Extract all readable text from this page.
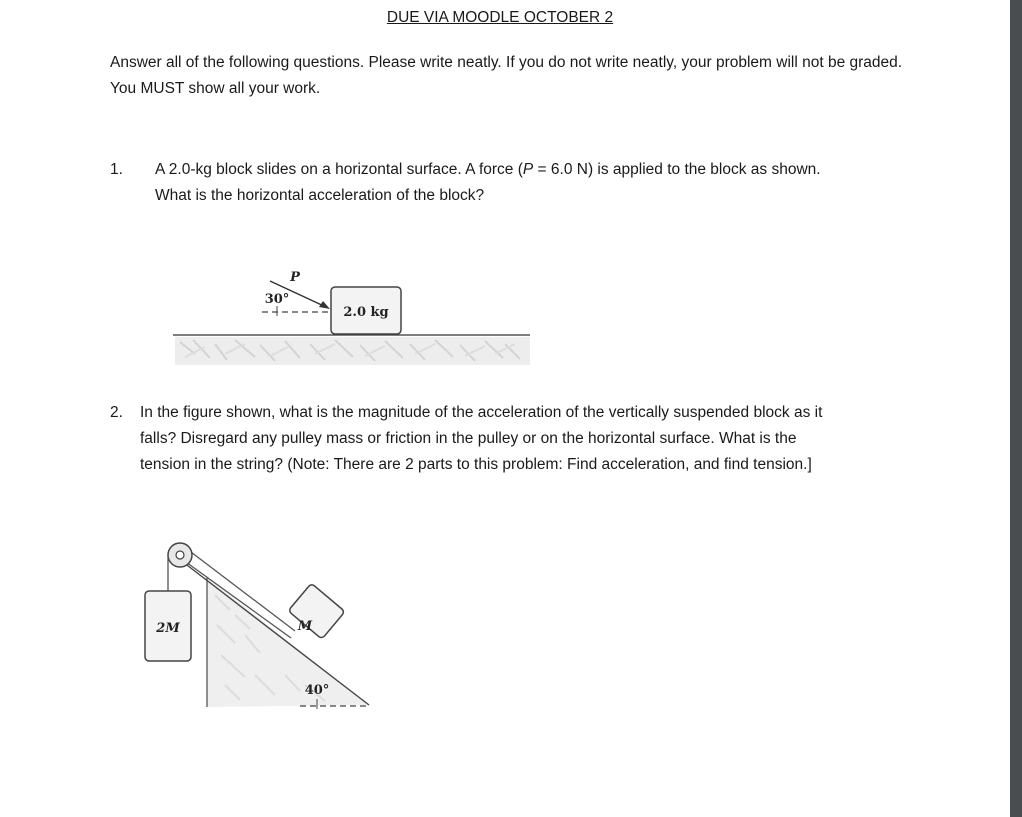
DUE VIA MOODLE OCTOBER 2
Answer all of the following questions. Please write neatly. If you do not write neatly, your problem will not be graded. You MUST show all your work.
1. A 2.0-kg block slides on a horizontal surface. A force (P = 6.0 N) is applied to the block as shown.
What is the horizontal acceleration of the block?
2.0 kg
P
30°
2. In the figure shown, what is the magnitude of the acceleration of the vertically suspended block as it
falls? Disregard any pulley mass or friction in the pulley or on the horizontal surface. What is the
tension in the string? (Note: There are 2 parts to this problem: Find acceleration, and find tension.]
2M	M
40°
